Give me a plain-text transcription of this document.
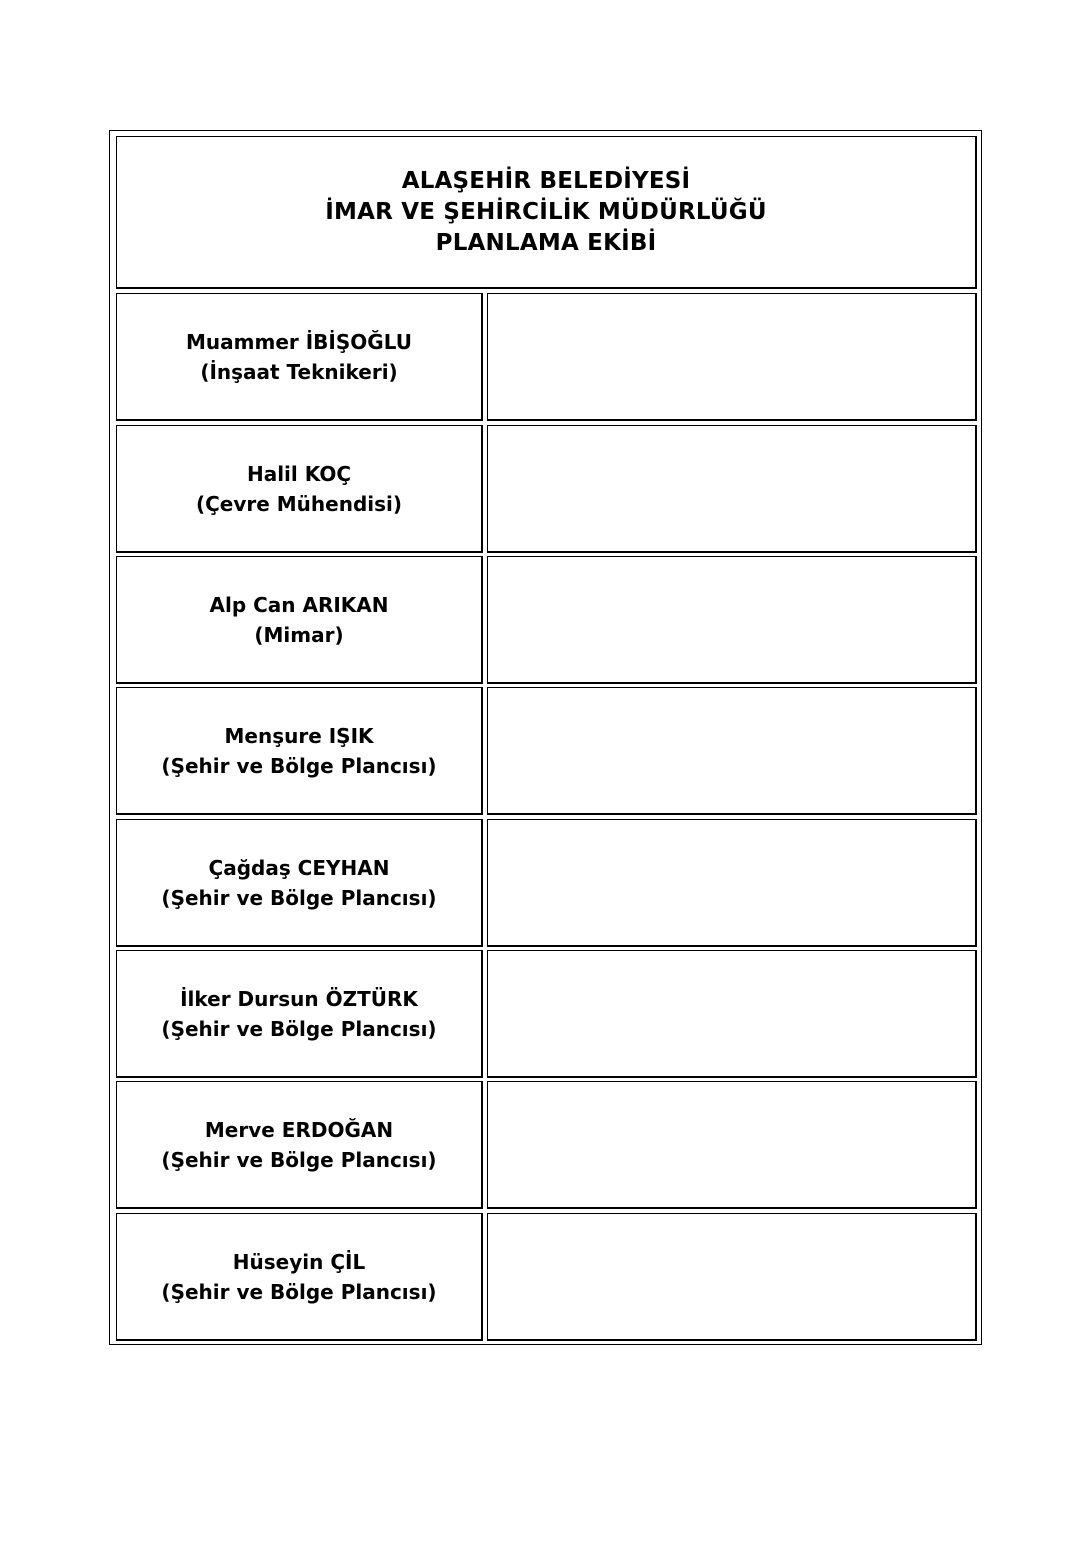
ALAŞEHİR BELEDİYESİ
İMAR VE ŞEHİRCİLİK MÜDÜRLÜĞÜ
PLANLAMA EKİBİ
Muammer İBİŞOĞLU
(İnşaat Teknikeri)
Halil KOÇ
(Çevre Mühendisi)
Alp Can ARIKAN
(Mimar)
Menşure IŞIK
(Şehir ve Bölge Plancısı)
Çağdaş CEYHAN
(Şehir ve Bölge Plancısı)
İlker Dursun ÖZTÜRK
(Şehir ve Bölge Plancısı)
Merve ERDOĞAN
(Şehir ve Bölge Plancısı)
Hüseyin ÇİL
(Şehir ve Bölge Plancısı)
